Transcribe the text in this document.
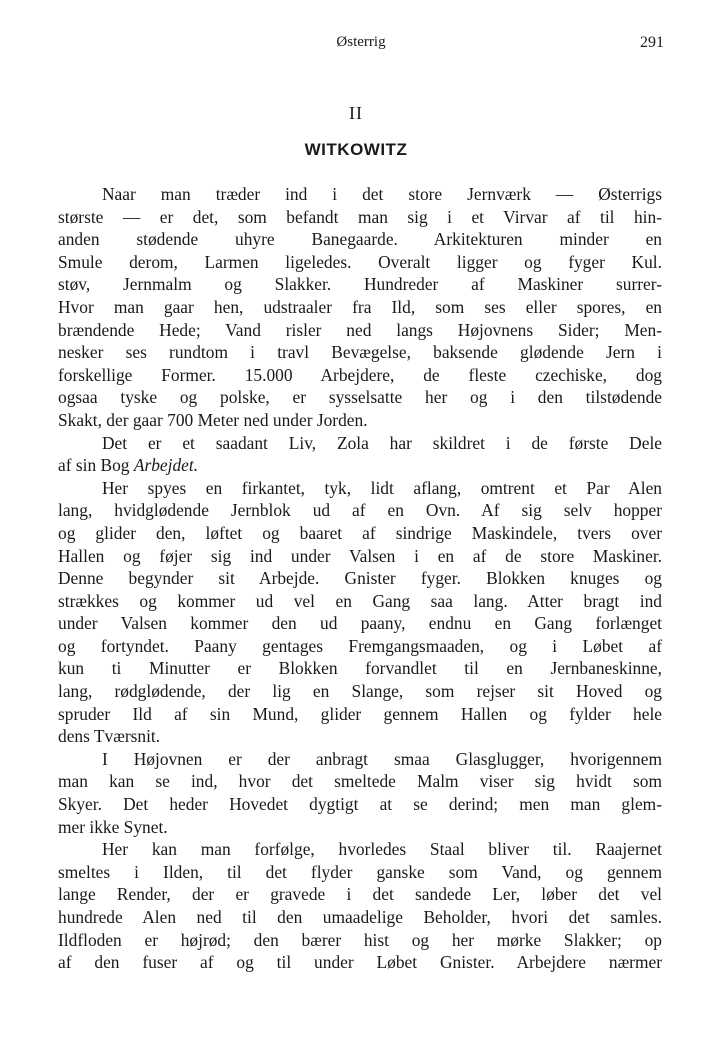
Østerrig	291
II
WITKOWITZ
Naar man træder ind i det store Jernværk — Østerrigs
største — er det, som befandt man sig i et Virvar af til hin-
anden stødende uhyre Banegaarde. Arkitekturen minder en
Smule derom, Larmen ligeledes. Overalt ligger og fyger Kul.
støv, Jernmalm og Slakker. Hundreder af Maskiner surrer-
Hvor man gaar hen, udstraaler fra Ild, som ses eller spores, en
brændende Hede; Vand risler ned langs Højovnens Sider; Men-
nesker ses rundtom i travl Bevægelse, baksende glødende Jern i
forskellige Former. 15.000 Arbejdere, de fleste czechiske, dog
ogsaa tyske og polske, er sysselsatte her og i den tilstødende
Skakt, der gaar 700 Meter ned under Jorden.
Det er et saadant Liv, Zola har skildret i de første Dele
af sin Bog Arbejdet.
Her spyes en firkantet, tyk, lidt aflang, omtrent et Par Alen
lang, hvidglødende Jernblok ud af en Ovn. Af sig selv hopper
og glider den, løftet og baaret af sindrige Maskindele, tvers over
Hallen og føjer sig ind under Valsen i en af de store Maskiner.
Denne begynder sit Arbejde. Gnister fyger. Blokken knuges og
strækkes og kommer ud vel en Gang saa lang. Atter bragt ind
under Valsen kommer den ud paany, endnu en Gang forlænget
og fortyndet. Paany gentages Fremgangsmaaden, og i Løbet af
kun ti Minutter er Blokken forvandlet til en Jernbaneskinne,
lang, rødglødende, der lig en Slange, som rejser sit Hoved og
spruder Ild af sin Mund, glider gennem Hallen og fylder hele
dens Tværsnit.
I Højovnen er der anbragt smaa Glasglugger, hvorigennem
man kan se ind, hvor det smeltede Malm viser sig hvidt som
Skyer. Det heder Hovedet dygtigt at se derind; men man glem-
mer ikke Synet.
Her kan man forfølge, hvorledes Staal bliver til. Raajernet
smeltes i Ilden, til det flyder ganske som Vand, og gennem
lange Render, der er gravede i det sandede Ler, løber det vel
hundrede Alen ned til den umaadelige Beholder, hvori det samles.
Ildfloden er højrød; den bærer hist og her mørke Slakker; op
af den fuser af og til under Løbet Gnister. Arbejdere nærmer
